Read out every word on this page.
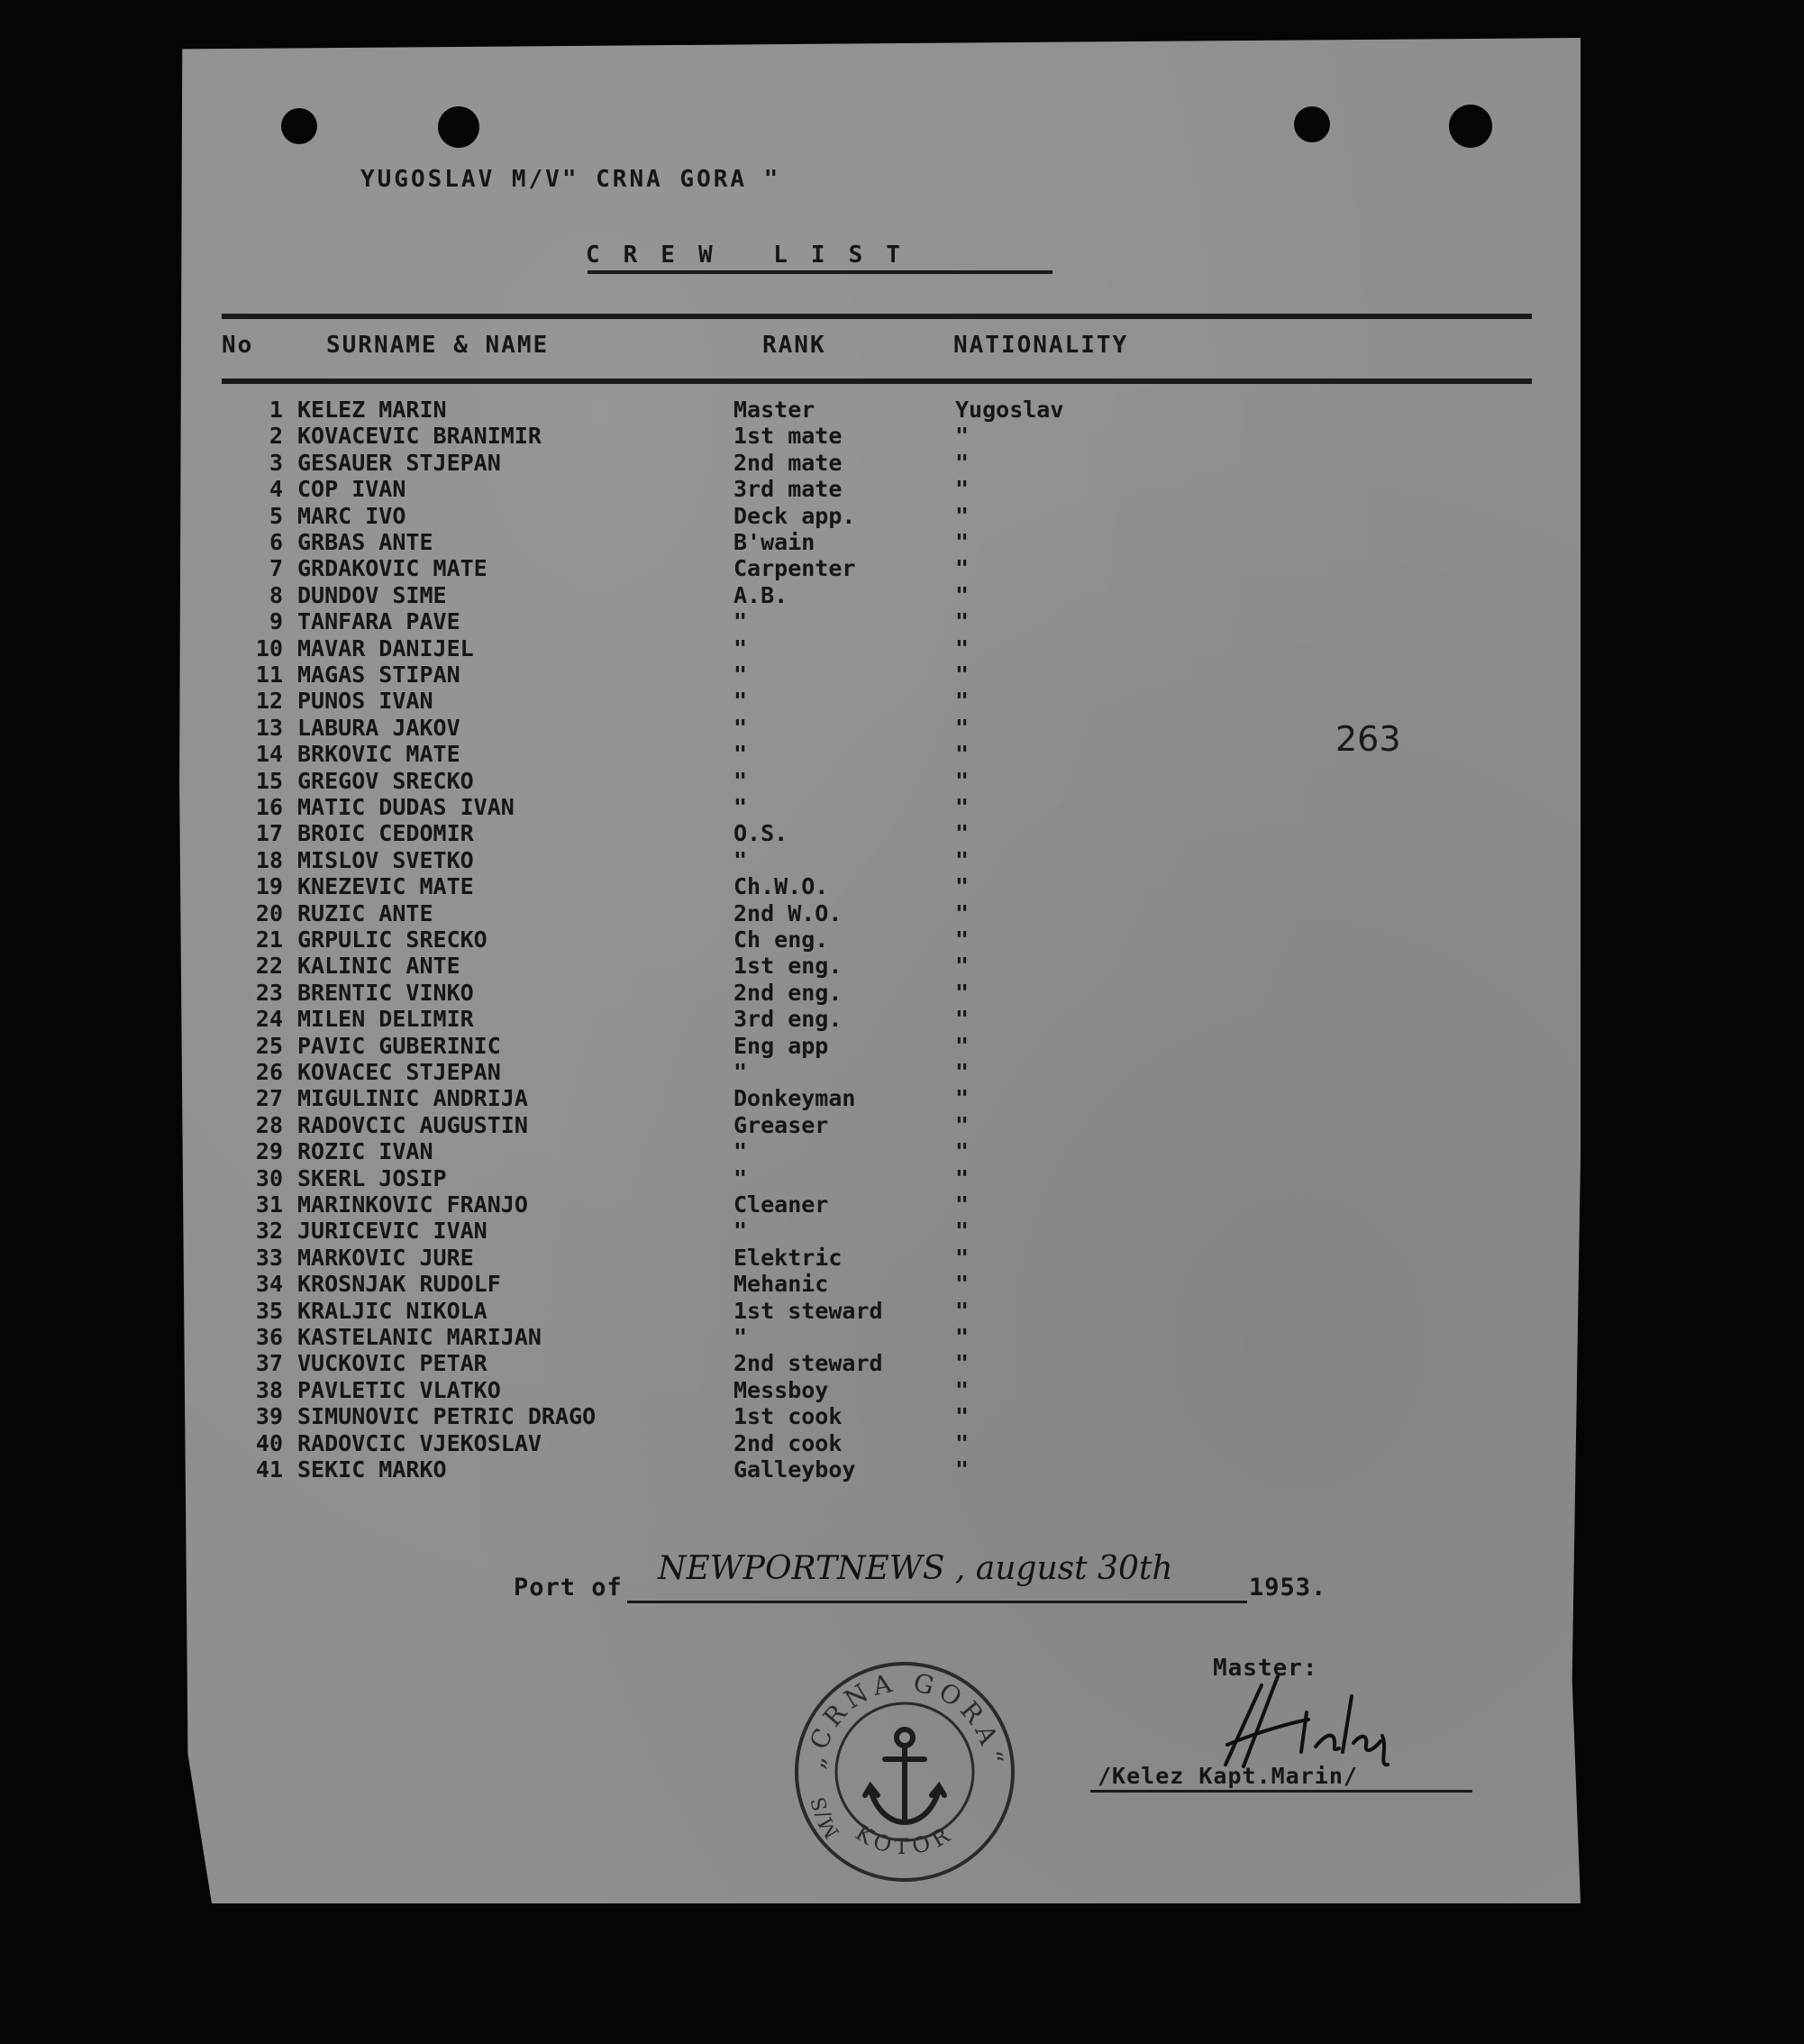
YUGOSLAV M/V" CRNA GORA "
CREW LIST
No	SURNAME & NAME	RANK	NATIONALITY
1 KELEZ MARIN	Master	Yugoslav
2 KOVACEVIC BRANIMIR	1st mate	"
3 GESAUER STJEPAN	2nd mate	"
4 COP IVAN	3rd mate	"
5 MARC IVO	Deck app.	"
6 GRBAS ANTE	B'wain	"
7 GRDAKOVIC MATE	Carpenter	"
8 DUNDOV SIME	A.B.	"
9 TANFARA PAVE	"	"
10 MAVAR DANIJEL	"	"
11 MAGAS STIPAN	"	"
12 PUNOS IVAN	"	"
13 LABURA JAKOV	"	"
14 BRKOVIC MATE	"	"
15 GREGOV SRECKO	"	"
16 MATIC DUDAS IVAN	"	"
17 BROIC CEDOMIR	O.S.	"
18 MISLOV SVETKO	"	"
19 KNEZEVIC MATE	Ch.W.O.	"
20 RUZIC ANTE	2nd W.O.	"
21 GRPULIC SRECKO	Ch eng.	"
22 KALINIC ANTE	1st eng.	"
23 BRENTIC VINKO	2nd eng.	"
24 MILEN DELIMIR	3rd eng.	"
25 PAVIC GUBERINIC	Eng app	"
26 KOVACEC STJEPAN	"	"
27 MIGULINIC ANDRIJA	Donkeyman	"
28 RADOVCIC AUGUSTIN	Greaser	"
29 ROZIC IVAN	"	"
30 SKERL JOSIP	"	"
31 MARINKOVIC FRANJO	Cleaner	"
32 JURICEVIC IVAN	"	"
33 MARKOVIC JURE	Elektric	"
34 KROSNJAK RUDOLF	Mehanic	"
35 KRALJIC NIKOLA	1st steward	"
36 KASTELANIC MARIJAN	"	"
37 VUCKOVIC PETAR	2nd steward	"
38 PAVLETIC VLATKO	Messboy	"
39 SIMUNOVIC PETRIC DRAGO	1st cook	"
40 RADOVCIC VJEKOSLAV	2nd cook	"
41 SEKIC MARKO	Galleyboy	"
263
Port of
NEWPORTNEWS , august 30th
1953.
Master:
/Kelez Kapt.Marin/
„CRNA GORA“
M/S
KOTOR
